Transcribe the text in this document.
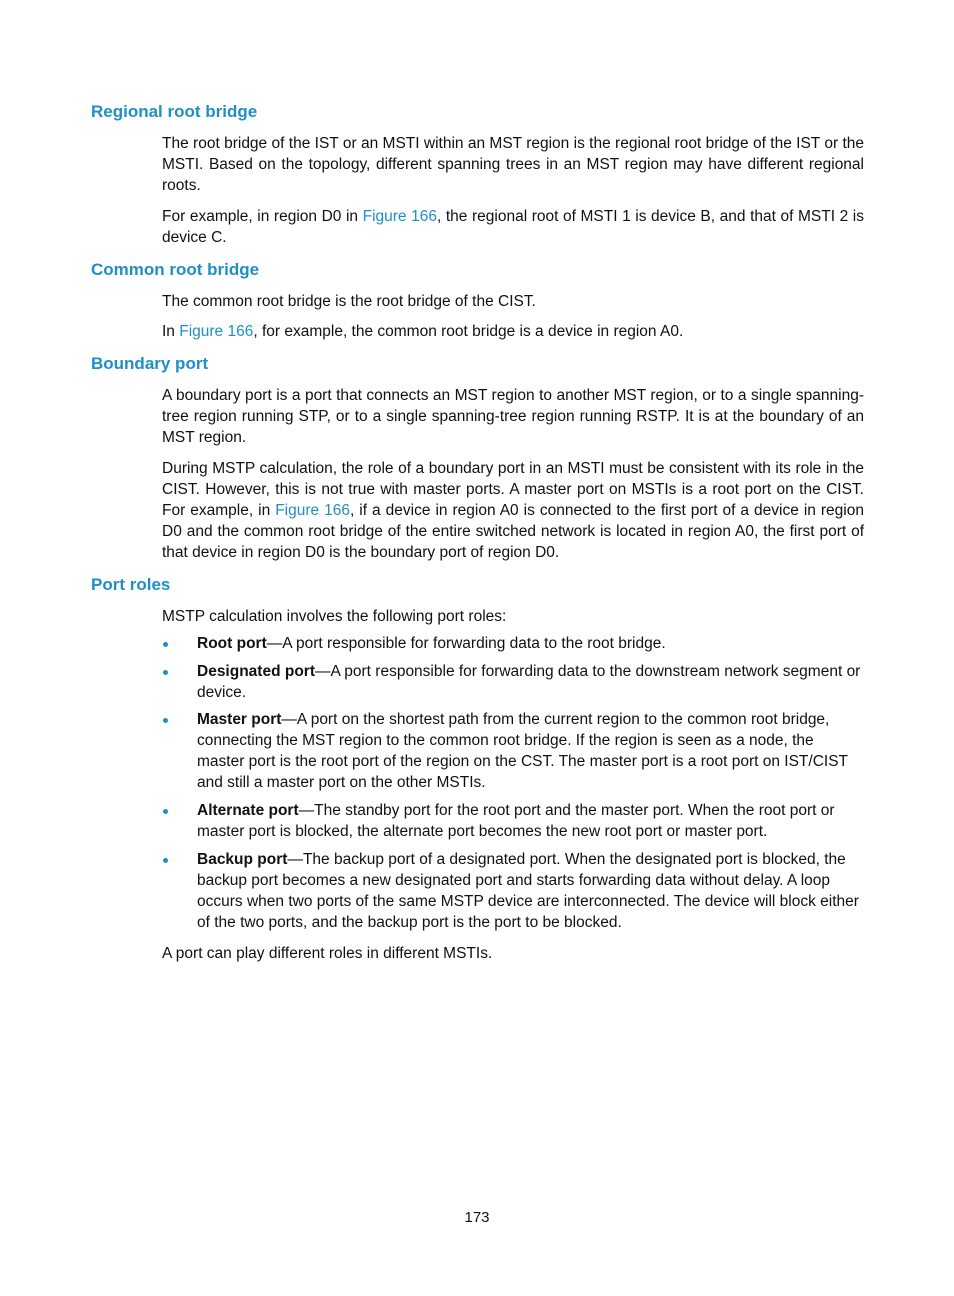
Regional root bridge

The root bridge of the IST or an MSTI within an MST region is the regional root bridge of the IST or the MSTI. Based on the topology, different spanning trees in an MST region may have different regional roots.

For example, in region D0 in Figure 166, the regional root of MSTI 1 is device B, and that of MSTI 2 is device C.

Common root bridge

The common root bridge is the root bridge of the CIST.

In Figure 166, for example, the common root bridge is a device in region A0.

Boundary port

A boundary port is a port that connects an MST region to another MST region, or to a single spanning-tree region running STP, or to a single spanning-tree region running RSTP. It is at the boundary of an MST region.

During MSTP calculation, the role of a boundary port in an MSTI must be consistent with its role in the CIST. However, this is not true with master ports. A master port on MSTIs is a root port on the CIST. For example, in Figure 166, if a device in region A0 is connected to the first port of a device in region D0 and the common root bridge of the entire switched network is located in region A0, the first port of that device in region D0 is the boundary port of region D0.

Port roles

MSTP calculation involves the following port roles:

Root port—A port responsible for forwarding data to the root bridge.

Designated port—A port responsible for forwarding data to the downstream network segment or device.

Master port—A port on the shortest path from the current region to the common root bridge, connecting the MST region to the common root bridge. If the region is seen as a node, the master port is the root port of the region on the CST. The master port is a root port on IST/CIST and still a master port on the other MSTIs.

Alternate port—The standby port for the root port and the master port. When the root port or master port is blocked, the alternate port becomes the new root port or master port.

Backup port—The backup port of a designated port. When the designated port is blocked, the backup port becomes a new designated port and starts forwarding data without delay. A loop occurs when two ports of the same MSTP device are interconnected. The device will block either of the two ports, and the backup port is the port to be blocked.

A port can play different roles in different MSTIs.

173
